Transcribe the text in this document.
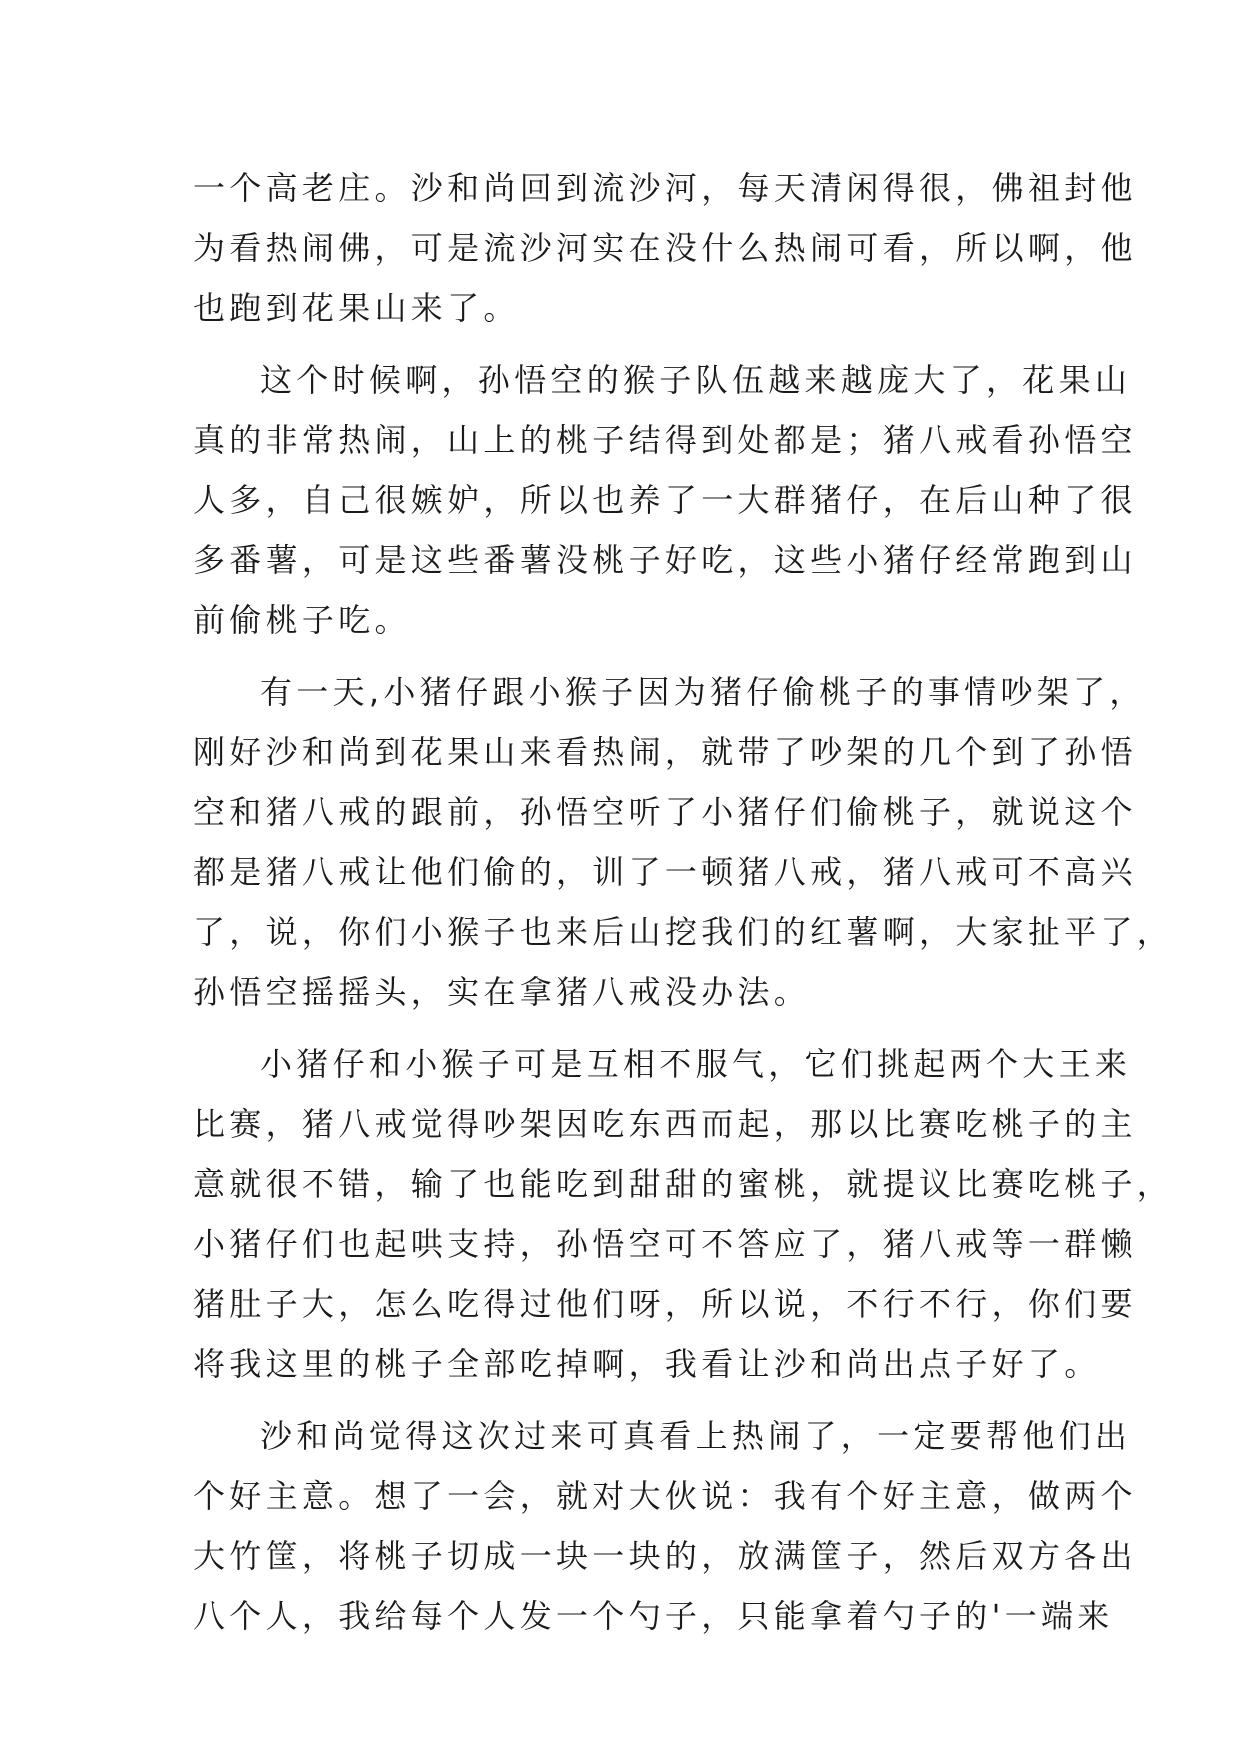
一个高老庄。沙和尚回到流沙河，每天清闲得很，佛祖封他
为看热闹佛，可是流沙河实在没什么热闹可看，所以啊，他
也跑到花果山来了。
这个时候啊，孙悟空的猴子队伍越来越庞大了，花果山
真的非常热闹，山上的桃子结得到处都是；猪八戒看孙悟空
人多，自己很嫉妒，所以也养了一大群猪仔，在后山种了很
多番薯，可是这些番薯没桃子好吃，这些小猪仔经常跑到山
前偷桃子吃。
有一天,小猪仔跟小猴子因为猪仔偷桃子的事情吵架了，
刚好沙和尚到花果山来看热闹，就带了吵架的几个到了孙悟
空和猪八戒的跟前，孙悟空听了小猪仔们偷桃子，就说这个
都是猪八戒让他们偷的，训了一顿猪八戒，猪八戒可不高兴
了，说，你们小猴子也来后山挖我们的红薯啊，大家扯平了，
孙悟空摇摇头，实在拿猪八戒没办法。
小猪仔和小猴子可是互相不服气，它们挑起两个大王来
比赛，猪八戒觉得吵架因吃东西而起，那以比赛吃桃子的主
意就很不错，输了也能吃到甜甜的蜜桃，就提议比赛吃桃子，
小猪仔们也起哄支持，孙悟空可不答应了，猪八戒等一群懒
猪肚子大，怎么吃得过他们呀，所以说，不行不行，你们要
将我这里的桃子全部吃掉啊，我看让沙和尚出点子好了。
沙和尚觉得这次过来可真看上热闹了，一定要帮他们出
个好主意。想了一会，就对大伙说：我有个好主意，做两个
大竹筐，将桃子切成一块一块的，放满筐子，然后双方各出
八个人，我给每个人发一个勺子，只能拿着勺子的'一端来
